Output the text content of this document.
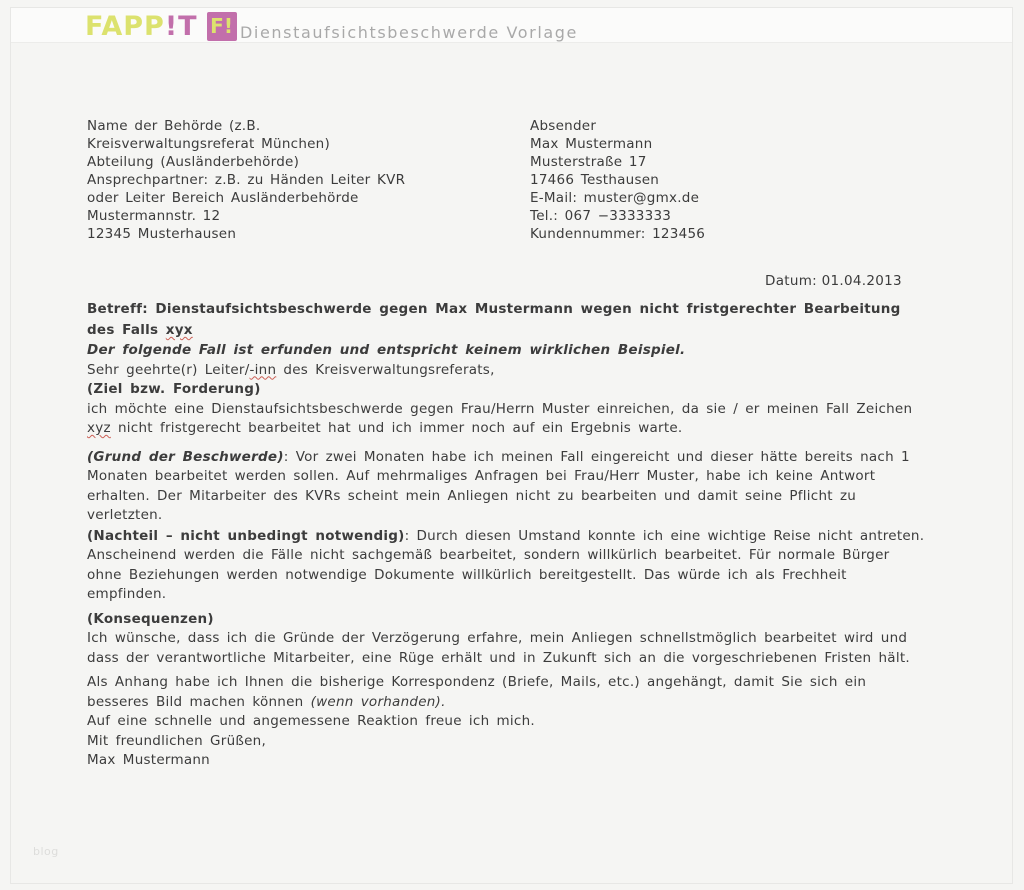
FAPP !T F! Dienstaufsichtsbeschwerde Vorlage
Name der Behörde (z.B.
Kreisverwaltungsreferat München)
Abteilung (Ausländerbehörde)
Ansprechpartner: z.B. zu Händen Leiter KVR
oder Leiter Bereich Ausländerbehörde
Mustermannstr. 12
12345 Musterhausen
Absender
Max Mustermann
Musterstraße 17
17466 Testhausen
E-Mail: muster@gmx.de
Tel.: 067 −3333333
Kundennummer: 123456
Datum: 01.04.2013

Betreff: Dienstaufsichtsbeschwerde gegen Max Mustermann wegen nicht fristgerechter Bearbeitung des Falls xyx

Der folgende Fall ist erfunden und entspricht keinem wirklichen Beispiel.

Sehr geehrte(r) Leiter/-inn des Kreisverwaltungsreferats,

(Ziel bzw. Forderung)

ich möchte eine Dienstaufsichtsbeschwerde gegen Frau/Herrn Muster einreichen, da sie / er meinen Fall Zeichen xyz nicht fristgerecht bearbeitet hat und ich immer noch auf ein Ergebnis warte.

(Grund der Beschwerde): Vor zwei Monaten habe ich meinen Fall eingereicht und dieser hätte bereits nach 1 Monaten bearbeitet werden sollen. Auf mehrmaliges Anfragen bei Frau/Herr Muster, habe ich keine Antwort erhalten. Der Mitarbeiter des KVRs scheint mein Anliegen nicht zu bearbeiten und damit seine Pflicht zu verletzten.

(Nachteil – nicht unbedingt notwendig): Durch diesen Umstand konnte ich eine wichtige Reise nicht antreten. Anscheinend werden die Fälle nicht sachgemäß bearbeitet, sondern willkürlich bearbeitet. Für normale Bürger ohne Beziehungen werden notwendige Dokumente willkürlich bereitgestellt. Das würde ich als Frechheit empfinden.

(Konsequenzen)

Ich wünsche, dass ich die Gründe der Verzögerung erfahre, mein Anliegen schnellstmöglich bearbeitet wird und dass der verantwortliche Mitarbeiter, eine Rüge erhält und in Zukunft sich an die vorgeschriebenen Fristen hält.

Als Anhang habe ich Ihnen die bisherige Korrespondenz (Briefe, Mails, etc.) angehängt, damit Sie sich ein besseres Bild machen können (wenn vorhanden).

Auf eine schnelle und angemessene Reaktion freue ich mich.

Mit freundlichen Grüßen,

Max Mustermann

blog
